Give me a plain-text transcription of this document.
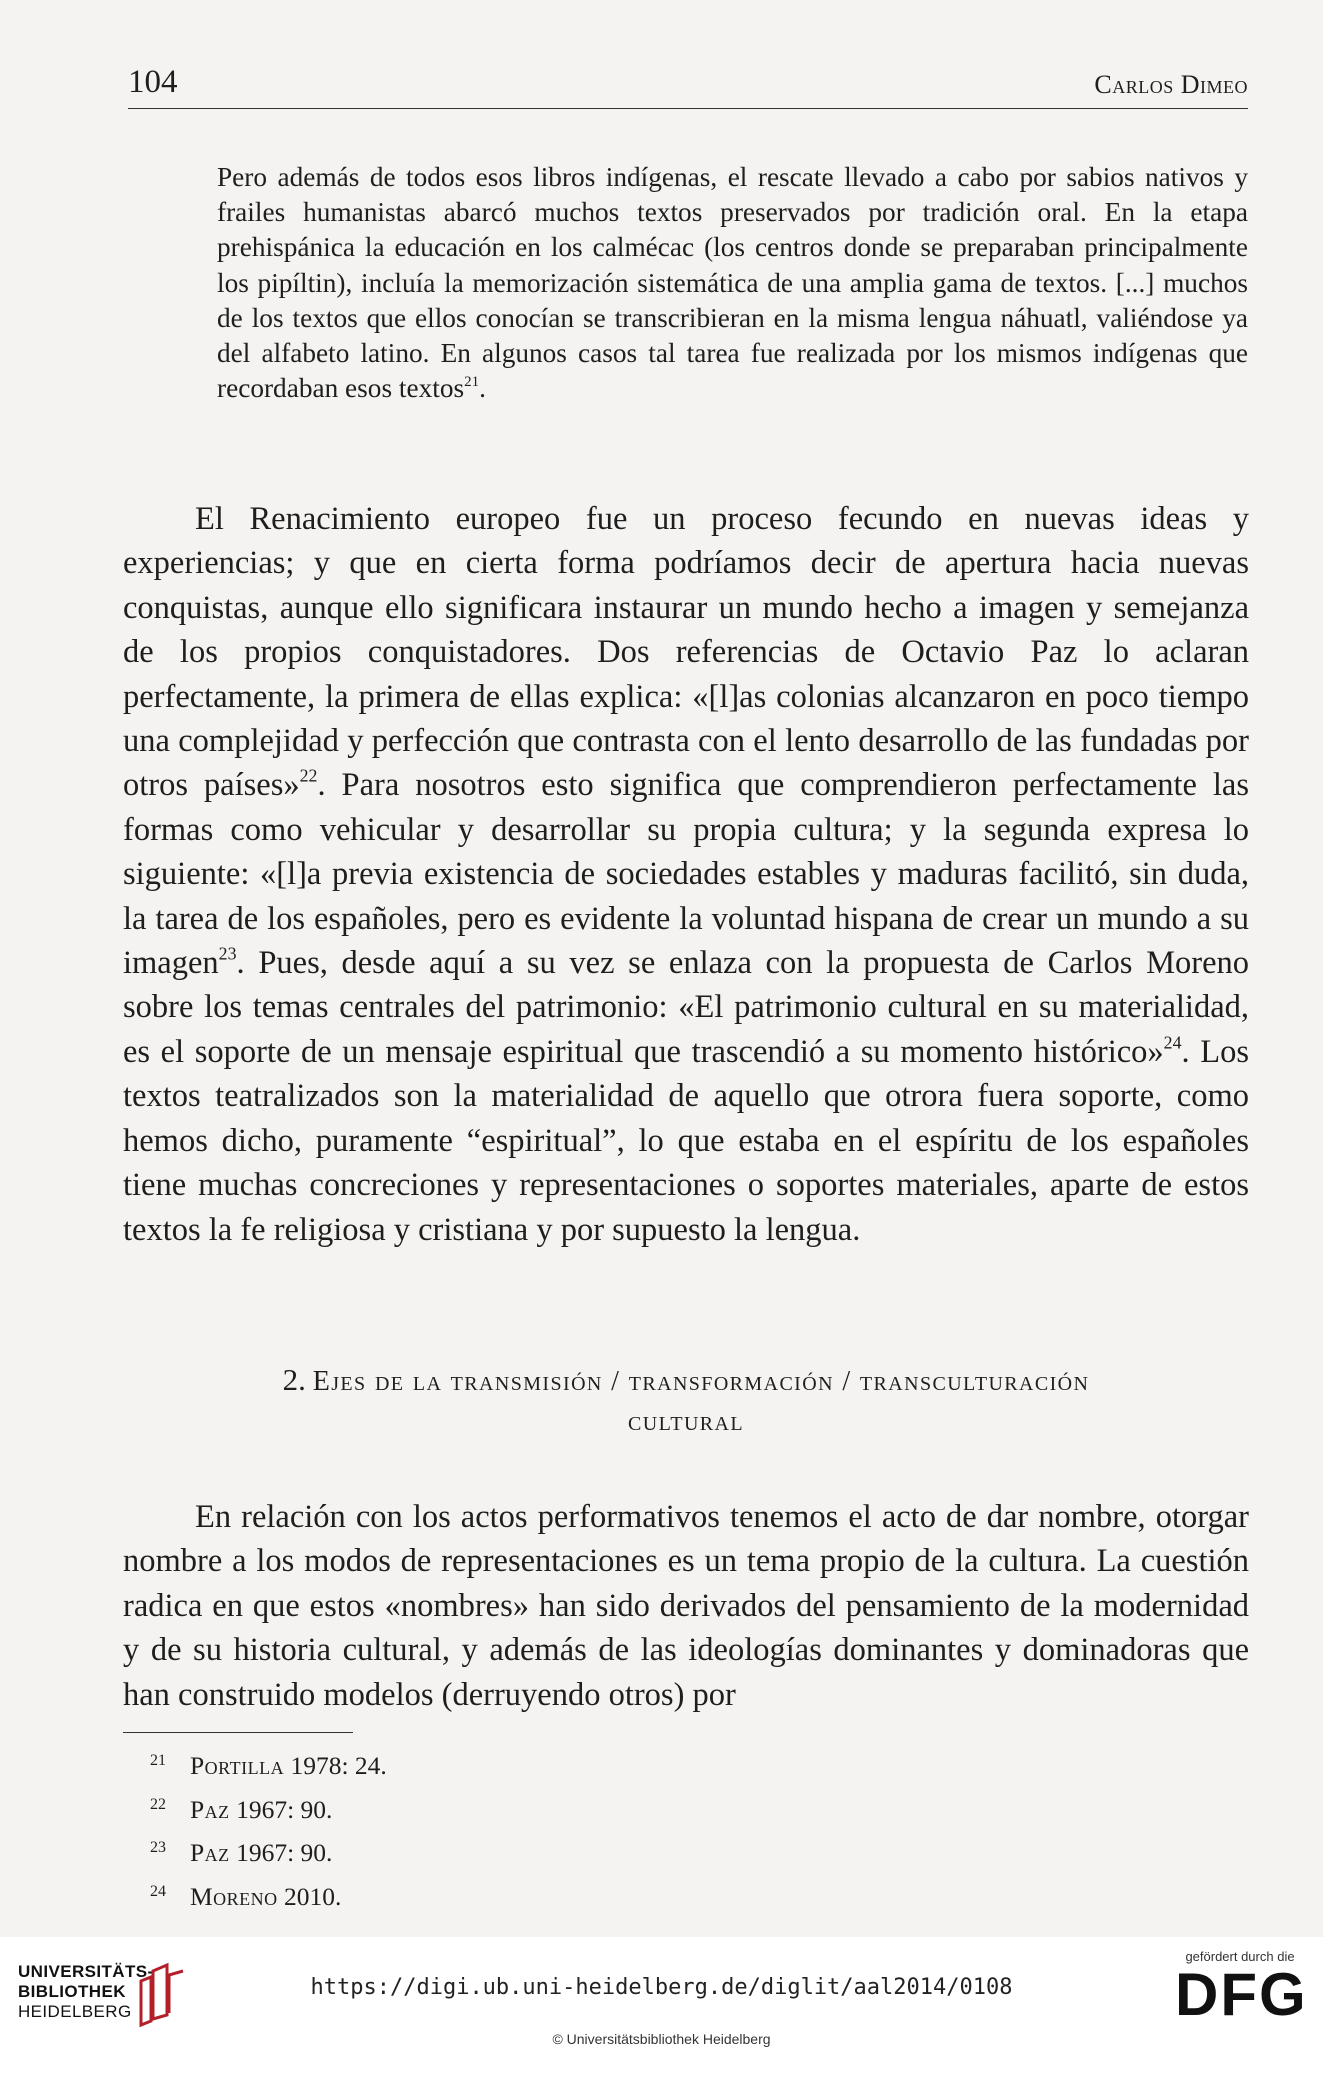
104	Carlos Dimeo

Pero además de todos esos libros indígenas, el rescate llevado a cabo por sabios nativos y frailes humanistas abarcó muchos textos preservados por tradición oral. En la etapa prehispánica la educación en los calmécac (los centros donde se preparaban principalmente los pipíltin), incluía la memorización sistemática de una amplia gama de textos. [...] muchos de los textos que ellos conocían se transcribieran en la misma lengua náhuatl, valiéndose ya del alfabeto latino. En algunos casos tal tarea fue realizada por los mismos indígenas que recordaban esos textos$^{21}$.

El Renacimiento europeo fue un proceso fecundo en nuevas ideas y experiencias; y que en cierta forma podríamos decir de apertura hacia nuevas conquistas, aunque ello significara instaurar un mundo hecho a imagen y semejanza de los propios conquistadores. Dos referencias de Octavio Paz lo aclaran perfectamente, la primera de ellas explica: «[l]as colonias alcanzaron en poco tiempo una complejidad y perfección que contrasta con el lento desarrollo de las fundadas por otros países»$^{22}$. Para nosotros esto significa que comprendieron perfectamente las formas como vehicular y desarrollar su propia cultura; y la segunda expresa lo siguiente: «[l]a previa existencia de sociedades estables y maduras facilitó, sin duda, la tarea de los españoles, pero es evidente la voluntad hispana de crear un mundo a su imagen$^{23}$. Pues, desde aquí a su vez se enlaza con la propuesta de Carlos Moreno sobre los temas centrales del patrimonio: «El patrimonio cultural en su materialidad, es el soporte de un mensaje espiritual que trascendió a su momento histórico»$^{24}$. Los textos teatralizados son la materialidad de aquello que otrora fuera soporte, como hemos dicho, puramente “espiritual”, lo que estaba en el espíritu de los españoles tiene muchas concreciones y representaciones o soportes materiales, aparte de estos textos la fe religiosa y cristiana y por supuesto la lengua.

2. Ejes de la transmisión / transformación / transculturación
cultural

En relación con los actos performativos tenemos el acto de dar nombre, otorgar nombre a los modos de representaciones es un tema propio de la cultura. La cuestión radica en que estos «nombres» han sido derivados del pensamiento de la modernidad y de su historia cultural, y además de las ideologías dominantes y dominadoras que han construido modelos (derruyendo otros) por

21 Portilla 1978: 24.
22 Paz 1967: 90.
23 Paz 1967: 90.
24 Moreno 2010.
UNIVERSITÄTS-
BIBLIOTHEK
HEIDELBERG
https://digi.ub.uni-heidelberg.de/diglit/aal2014/0108
© Universitätsbibliothek Heidelberg
gefördert durch die
DFG
